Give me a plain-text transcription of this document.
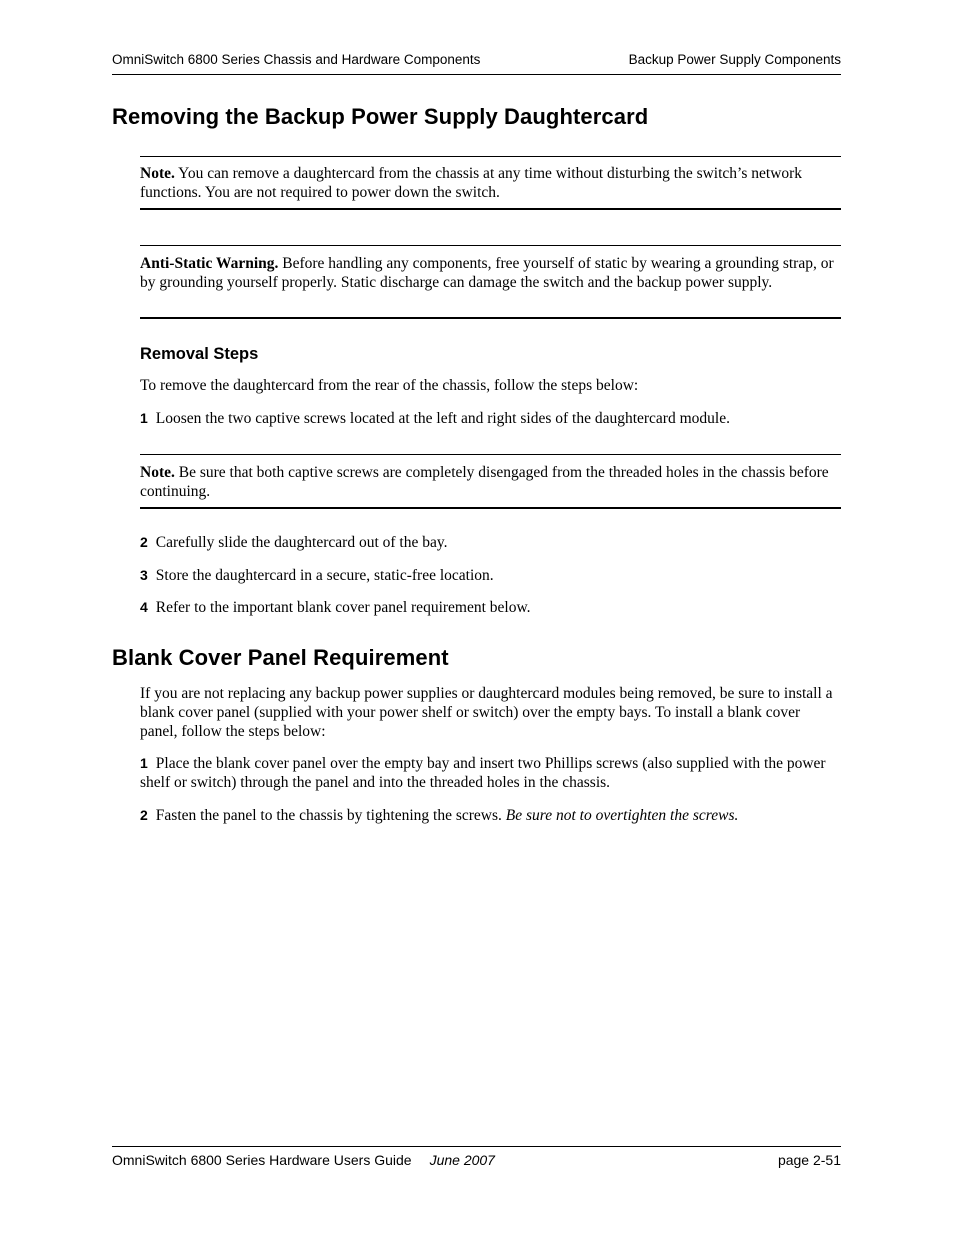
OmniSwitch 6800 Series Chassis and Hardware Components	Backup Power Supply Components
Removing the Backup Power Supply Daughtercard

Note. You can remove a daughtercard from the chassis at any time without disturbing the switch’s network functions. You are not required to power down the switch.

Anti-Static Warning. Before handling any components, free yourself of static by wearing a grounding strap, or by grounding yourself properly. Static discharge can damage the switch and the backup power supply.

Removal Steps

To remove the daughtercard from the rear of the chassis, follow the steps below:

1 Loosen the two captive screws located at the left and right sides of the daughtercard module.

Note. Be sure that both captive screws are completely disengaged from the threaded holes in the chassis before continuing.

2 Carefully slide the daughtercard out of the bay.

3 Store the daughtercard in a secure, static-free location.

4 Refer to the important blank cover panel requirement below.

Blank Cover Panel Requirement

If you are not replacing any backup power supplies or daughtercard modules being removed, be sure to install a blank cover panel (supplied with your power shelf or switch) over the empty bays. To install a blank cover panel, follow the steps below:

1 Place the blank cover panel over the empty bay and insert two Phillips screws (also supplied with the power shelf or switch) through the panel and into the threaded holes in the chassis.

2 Fasten the panel to the chassis by tightening the screws. Be sure not to overtighten the screws.

OmniSwitch 6800 Series Hardware Users Guide June 2007	page 2-51
